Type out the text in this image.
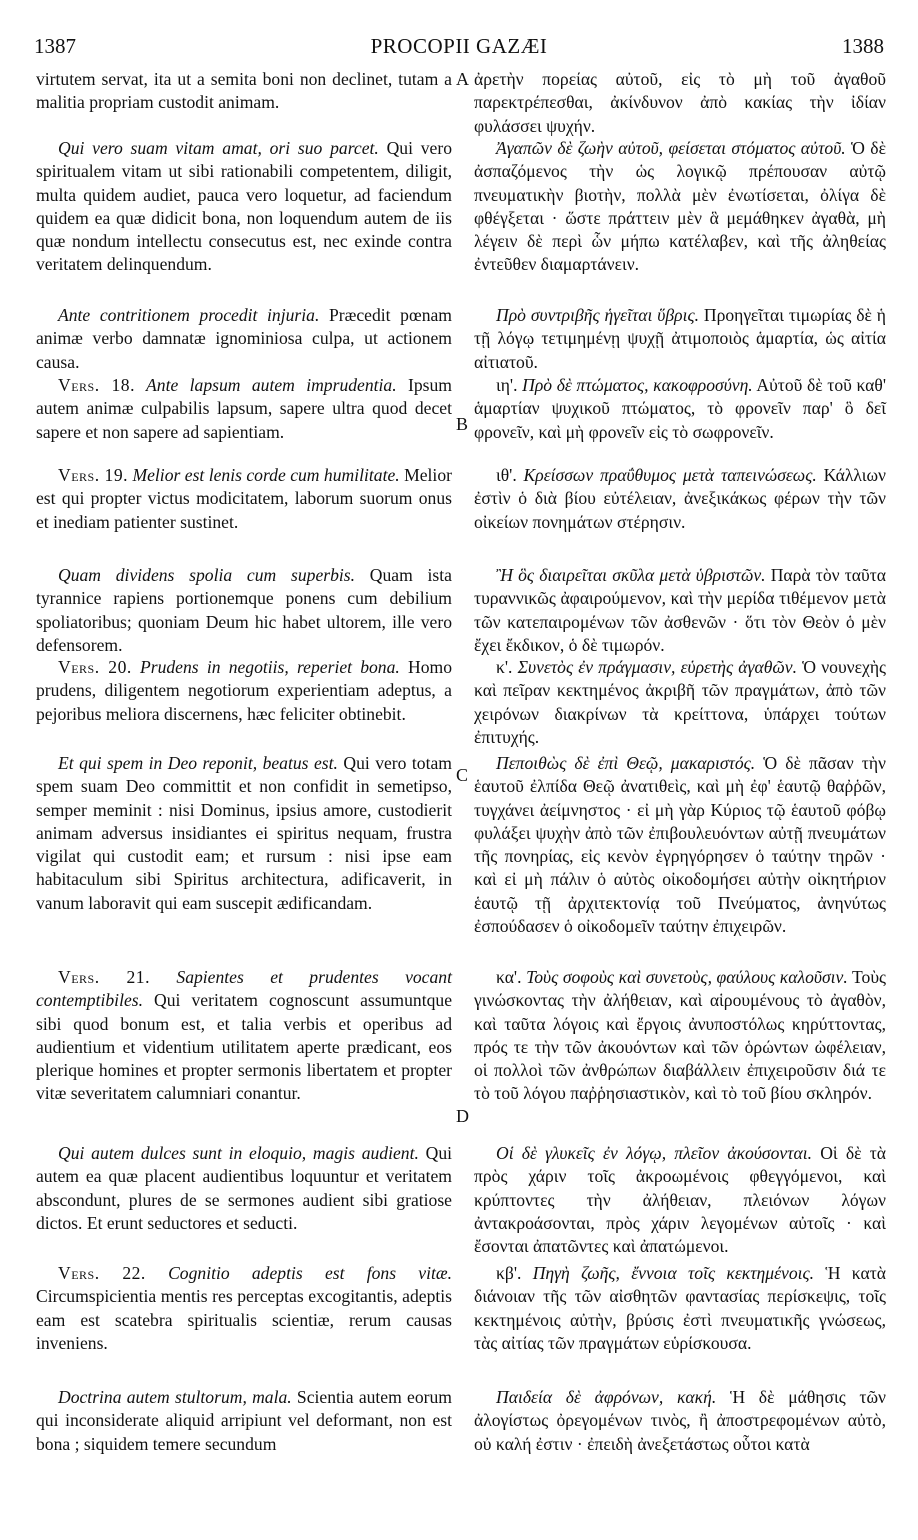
1387	PROCOPII GAZÆI	1388
A
B
C
D

virtutem servat, ita ut a semita boni non declinet, tutam a malitia propriam custodit animam.

Qui vero suam vitam amat, ori suo parcet. Qui vero spiritualem vitam ut sibi rationabili competentem, diligit, multa quidem audiet, pauca vero loquetur, ad faciendum quidem ea quæ didicit bona, non loquendum autem de iis quæ nondum intellectu consecutus est, nec exinde contra veritatem delinquendum.

Ante contritionem procedit injuria. Præcedit pœnam animæ verbo damnatæ ignominiosa culpa, ut actionem causa.

Vers. 18. Ante lapsum autem imprudentia. Ipsum autem animæ culpabilis lapsum, sapere ultra quod decet sapere et non sapere ad sapientiam.

Vers. 19. Melior est lenis corde cum humilitate. Melior est qui propter victus modicitatem, laborum suorum onus et inediam patienter sustinet.

Quam dividens spolia cum superbis. Quam ista tyrannice rapiens portionemque ponens cum debilium spoliatoribus; quoniam Deum hic habet ultorem, ille vero defensorem.

Vers. 20. Prudens in negotiis, reperiet bona. Homo prudens, diligentem negotiorum experientiam adeptus, a pejoribus meliora discernens, hæc feliciter obtinebit.

Et qui spem in Deo reponit, beatus est. Qui vero totam spem suam Deo committit et non confidit in semetipso, semper meminit : nisi Dominus, ipsius amore, custodierit animam adversus insidiantes ei spiritus nequam, frustra vigilat qui custodit eam; et rursum : nisi ipse eam habitaculum sibi Spiritus architectura, adificaverit, in vanum laboravit qui eam suscepit ædificandam.

Vers. 21. Sapientes et prudentes vocant contemptibiles. Qui veritatem cognoscunt assumuntque sibi quod bonum est, et talia verbis et operibus ad audientium et videntium utilitatem aperte prædicant, eos plerique homines et propter sermonis libertatem et propter vitæ severitatem calumniari conantur.

Qui autem dulces sunt in eloquio, magis audient. Qui autem ea quæ placent audientibus loquuntur et veritatem abscondunt, plures de se sermones audient sibi gratiose dictos. Et erunt seductores et seducti.

Vers. 22. Cognitio adeptis est fons vitæ. Circumspicientia mentis res perceptas excogitantis, adeptis eam est scatebra spiritualis scientiæ, rerum causas inveniens.

Doctrina autem stultorum, mala. Scientia autem eorum qui inconsiderate aliquid arripiunt vel deformant, non est bona ; siquidem temere secundum

ἀρετὴν πορείας αὐτοῦ, εἰς τὸ μὴ τοῦ ἀγαθοῦ παρεκτρέπεσθαι, ἀκίνδυνον ἀπὸ κακίας τὴν ἰδίαν φυλάσσει ψυχήν.

Ἀγαπῶν δὲ ζωὴν αὐτοῦ, φείσεται στόματος αὐτοῦ. Ὁ δὲ ἀσπαζόμενος τὴν ὡς λογικῷ πρέπουσαν αὐτῷ πνευματικὴν βιοτὴν, πολλὰ μὲν ἐνωτίσεται, ὀλίγα δὲ φθέγξεται · ὥστε πράττειν μὲν ἃ μεμάθηκεν ἀγαθὰ, μὴ λέγειν δὲ περὶ ὧν μήπω κατέλαβεν, καὶ τῆς ἀληθείας ἐντεῦθεν διαμαρτάνειν.

Πρὸ συντριβῆς ἡγεῖται ὕβρις. Προηγεῖται τιμωρίας δὲ ἡ τῇ λόγῳ τετιμημένῃ ψυχῇ ἀτιμοποιὸς ἁμαρτία, ὡς αἰτία αἰτιατοῦ.

ιη'. Πρὸ δὲ πτώματος, κακοφροσύνη. Αὐτοῦ δὲ τοῦ καθ' ἁμαρτίαν ψυχικοῦ πτώματος, τὸ φρονεῖν παρ' ὃ δεῖ φρονεῖν, καὶ μὴ φρονεῖν εἰς τὸ σωφρονεῖν.

ιθ'. Κρείσσων πραΰθυμος μετὰ ταπεινώσεως. Κάλλιων ἐστὶν ὁ διὰ βίου εὐτέλειαν, ἀνεξικάκως φέρων τὴν τῶν οἰκείων πονημάτων στέρησιν.

Ἢ ὃς διαιρεῖται σκῦλα μετὰ ὑβριστῶν. Παρὰ τὸν ταῦτα τυραννικῶς ἀφαιρούμενον, καὶ τὴν μερίδα τιθέμενον μετὰ τῶν κατεπαιρομένων τῶν ἀσθενῶν · ὅτι τὸν Θεὸν ὁ μὲν ἔχει ἔκδικον, ὁ δὲ τιμωρόν.

κ'. Συνετὸς ἐν πράγμασιν, εὑρετὴς ἀγαθῶν. Ὁ νουνεχὴς καὶ πεῖραν κεκτημένος ἀκριβῆ τῶν πραγμάτων, ἀπὸ τῶν χειρόνων διακρίνων τὰ κρείττονα, ὑπάρχει τούτων ἐπιτυχής.

Πεποιθὼς δὲ ἐπὶ Θεῷ, μακαριστός. Ὁ δὲ πᾶσαν τὴν ἑαυτοῦ ἐλπίδα Θεῷ ἀνατιθεὶς, καὶ μὴ ἐφ' ἑαυτῷ θαῤῥῶν, τυγχάνει ἀείμνηστος · εἰ μὴ γὰρ Κύριος τῷ ἑαυτοῦ φόβῳ φυλάξει ψυχὴν ἀπὸ τῶν ἐπιβουλευόντων αὐτῇ πνευμάτων τῆς πονηρίας, εἰς κενὸν ἐγρηγόρησεν ὁ ταύτην τηρῶν · καὶ εἰ μὴ πάλιν ὁ αὐτὸς οἰκοδομήσει αὐτὴν οἰκητήριον ἑαυτῷ τῇ ἀρχιτεκτονίᾳ τοῦ Πνεύματος, ἀνηνύτως ἐσπούδασεν ὁ οἰκοδομεῖν ταύτην ἐπιχειρῶν.

κα'. Τοὺς σοφοὺς καὶ συνετοὺς, φαύλους καλοῦσιν. Τοὺς γινώσκοντας τὴν ἀλήθειαν, καὶ αἱρουμένους τὸ ἀγαθὸν, καὶ ταῦτα λόγοις καὶ ἔργοις ἀνυποστόλως κηρύττοντας, πρός τε τὴν τῶν ἀκουόντων καὶ τῶν ὁρώντων ὠφέλειαν, οἱ πολλοὶ τῶν ἀνθρώπων διαβάλλειν ἐπιχειροῦσιν διά τε τὸ τοῦ λόγου παῤῥησιαστικὸν, καὶ τὸ τοῦ βίου σκληρόν.

Οἱ δὲ γλυκεῖς ἐν λόγῳ, πλεῖον ἀκούσονται. Οἱ δὲ τὰ πρὸς χάριν τοῖς ἀκροωμένοις φθεγγόμενοι, καὶ κρύπτοντες τὴν ἀλήθειαν, πλειόνων λόγων ἀντακροάσονται, πρὸς χάριν λεγομένων αὐτοῖς · καὶ ἔσονται ἀπατῶντες καὶ ἀπατώμενοι.

κβ'. Πηγὴ ζωῆς, ἔννοια τοῖς κεκτημένοις. Ἡ κατὰ διάνοιαν τῆς τῶν αἰσθητῶν φαντασίας περίσκεψις, τοῖς κεκτημένοις αὐτὴν, βρύσις ἐστὶ πνευματικῆς γνώσεως, τὰς αἰτίας τῶν πραγμάτων εὑρίσκουσα.

Παιδεία δὲ ἀφρόνων, κακή. Ἡ δὲ μάθησις τῶν ἀλογίστως ὀρεγομένων τινὸς, ἢ ἀποστρεφομένων αὐτὸ, οὐ καλή ἐστιν · ἐπειδὴ ἀνεξετάστως οὗτοι κατὰ
